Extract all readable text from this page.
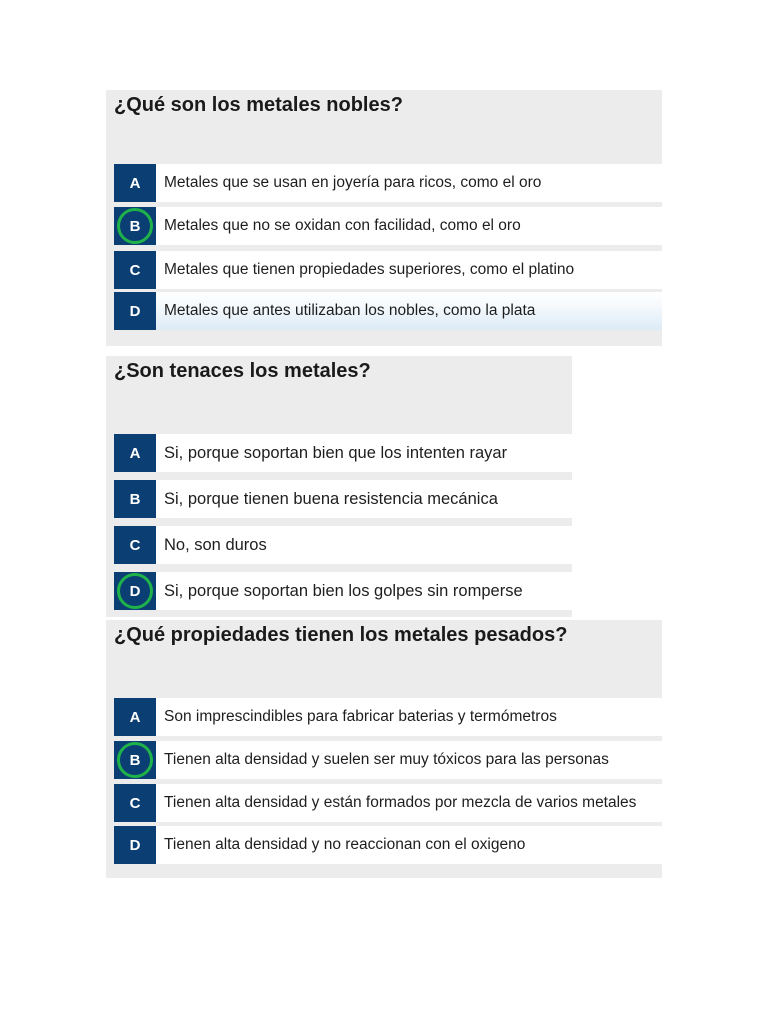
¿Qué son los metales nobles?
A	Metales que se usan en joyería para ricos, como el oro
B	Metales que no se oxidan con facilidad, como el oro
C	Metales que tienen propiedades superiores, como el platino
D	Metales que antes utilizaban los nobles, como la plata
¿Son tenaces los metales?
A	Si, porque soportan bien que los intenten rayar
B	Si, porque tienen buena resistencia mecánica
C	No, son duros
D	Si, porque soportan bien los golpes sin romperse
¿Qué propiedades tienen los metales pesados?
A	Son imprescindibles para fabricar baterias y termómetros
B	Tienen alta densidad y suelen ser muy tóxicos para las personas
C	Tienen alta densidad y están formados por mezcla de varios metales
D	Tienen alta densidad y no reaccionan con el oxigeno
